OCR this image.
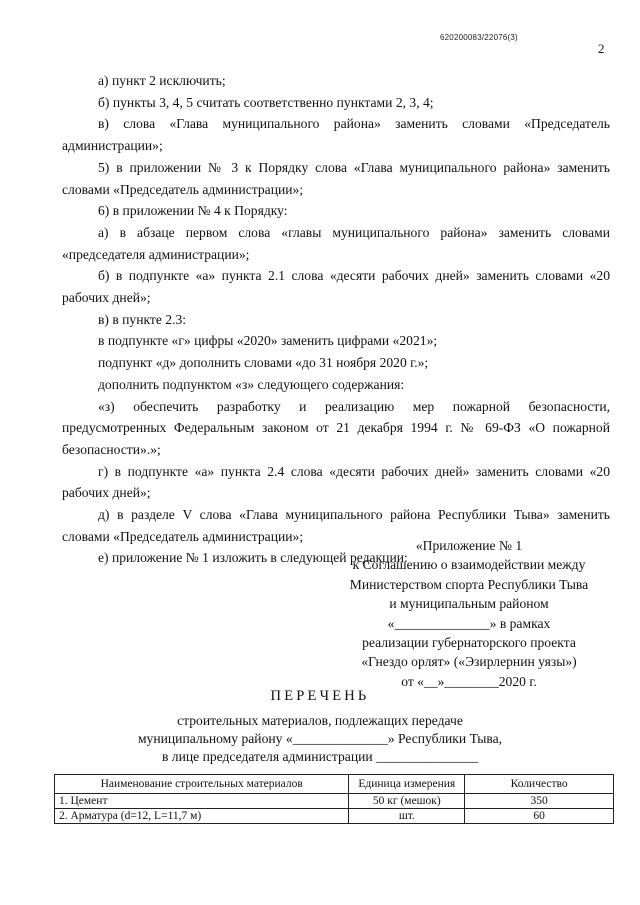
620200083/22076(3)
2

а) пункт 2 исключить;

б) пункты 3, 4, 5 считать соответственно пунктами 2, 3, 4;

в) слова «Глава муниципального района» заменить словами «Председатель администрации»;

5) в приложении № 3 к Порядку слова «Глава муниципального района» заменить словами «Председатель администрации»;

6) в приложении № 4 к Порядку:

а) в абзаце первом слова «главы муниципального района» заменить словами «председателя администрации»;

б) в подпункте «а» пункта 2.1 слова «десяти рабочих дней» заменить словами «20 рабочих дней»;

в) в пункте 2.3:

в подпункте «г» цифры «2020» заменить цифрами «2021»;

подпункт «д» дополнить словами «до 31 ноября 2020 г.»;

дополнить подпунктом «з» следующего содержания:

«з) обеспечить разработку и реализацию мер пожарной безопасности, предусмотренных Федеральным законом от 21 декабря 1994 г. № 69-ФЗ «О пожарной безопасности».»;

г) в подпункте «а» пункта 2.4 слова «десяти рабочих дней» заменить словами «20 рабочих дней»;

д) в разделе V слова «Глава муниципального района Республики Тыва» заменить словами «Председатель администрации»;

е) приложение № 1 изложить в следующей редакции:

«Приложение № 1
к Соглашению о взаимодействии между
Министерством спорта Республики Тыва
и муниципальным районом
«______________» в рамках
реализации губернаторского проекта
«Гнездо орлят» («Эзирлернин уязы»)
от «__»________2020 г.
ПЕРЕЧЕНЬ
строительных материалов, подлежащих передаче
муниципальному району «______________» Республики Тыва,
в лице председателя администрации _______________
Наименование строительных материалов	Единица измерения	Количество
1. Цемент	50 кг (мешок)	350
2. Арматура (d=12, L=11,7 м)	шт.	60
